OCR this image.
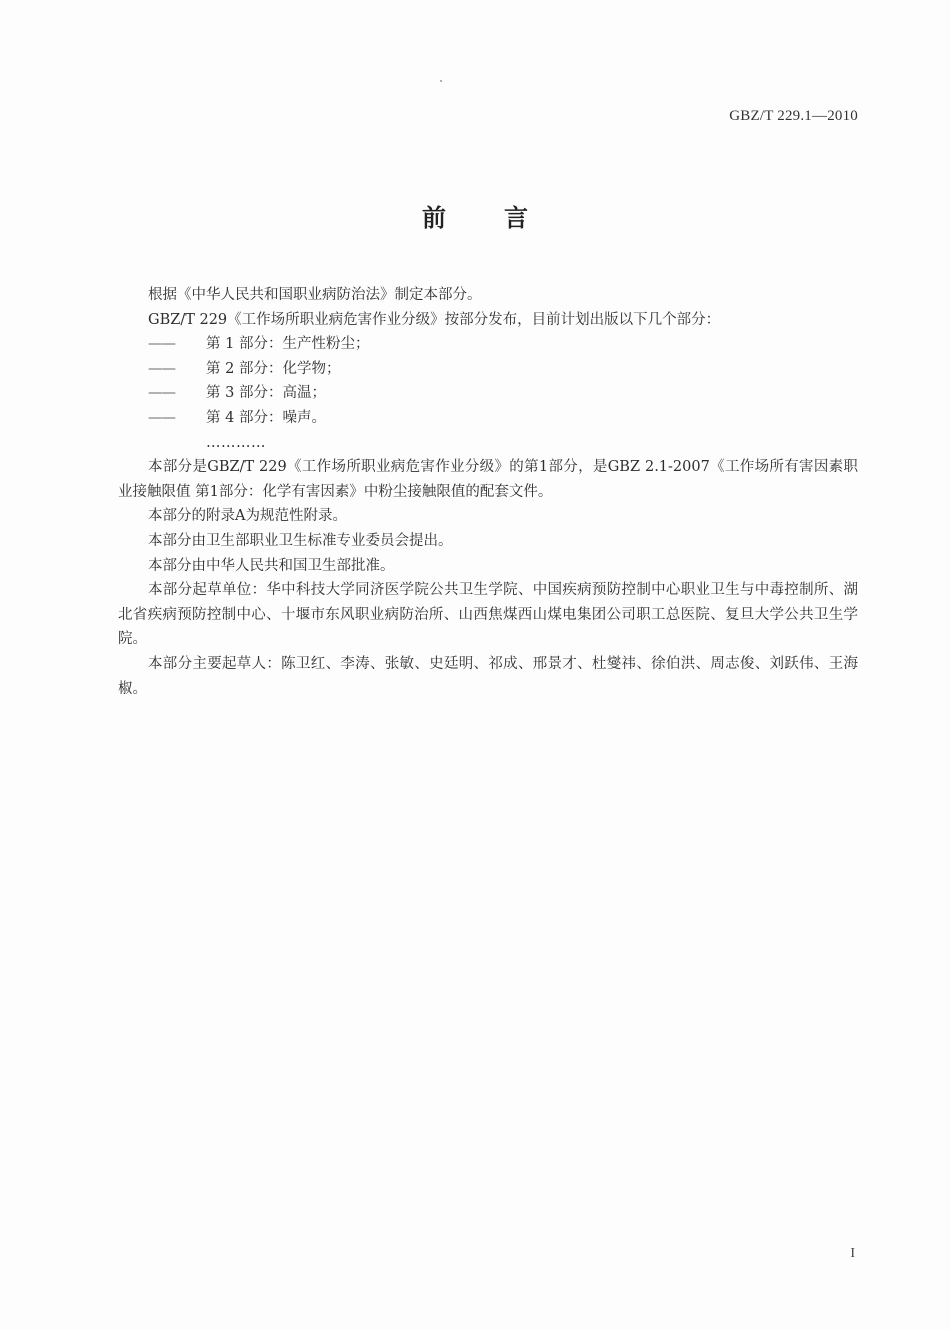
GBZ/T 229.1—2010
前 言

根据《中华人民共和国职业病防治法》制定本部分。

GBZ/T 229《工作场所职业病危害作业分级》按部分发布，目前计划出版以下几个部分：

—— 第 1 部分：生产性粉尘；

—— 第 2 部分：化学物；

—— 第 3 部分：高温；

—— 第 4 部分：噪声。

…………

本部分是GBZ/T 229《工作场所职业病危害作业分级》的第1部分，是GBZ 2.1-2007《工作场所有害因素职业接触限值 第1部分：化学有害因素》中粉尘接触限值的配套文件。

本部分的附录A为规范性附录。

本部分由卫生部职业卫生标准专业委员会提出。

本部分由中华人民共和国卫生部批准。

本部分起草单位：华中科技大学同济医学院公共卫生学院、中国疾病预防控制中心职业卫生与中毒控制所、湖北省疾病预防控制中心、十堰市东风职业病防治所、山西焦煤西山煤电集团公司职工总医院、复旦大学公共卫生学院。

本部分主要起草人：陈卫红、李涛、张敏、史廷明、祁成、邢景才、杜燮祎、徐伯洪、周志俊、刘跃伟、王海椒。

I
